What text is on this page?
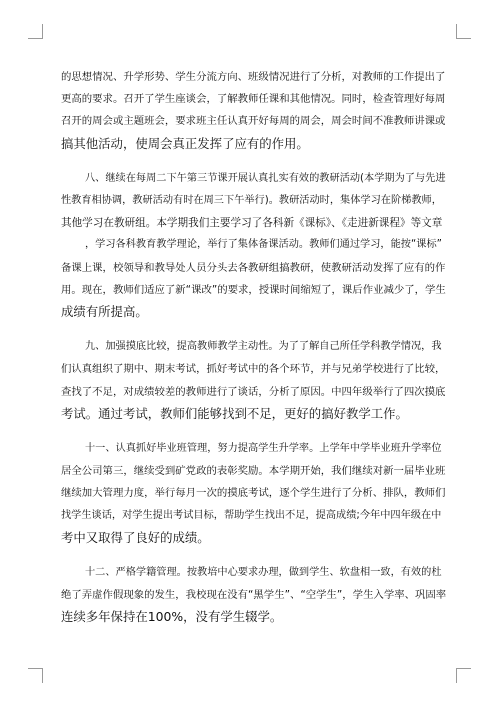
的思想情况、升学形势、学生分流方向、班级情况进行了分析，对教师的工作提出了
更高的要求。召开了学生座谈会，了解教师任课和其他情况。同时，检查管理好每周
召开的周会或主题班会，要求班主任认真开好每周的周会，周会时间不准教师讲课或
搞其他活动，使周会真正发挥了应有的作用。

八、继续在每周二下午第三节课开展认真扎实有效的教研活动(本学期为了与先进
性教育相协调，教研活动有时在周三下午举行)。教研活动时，集体学习在阶梯教师，
其他学习在教研组。本学期我们主要学习了各科新《课标》、《走进新课程》等文章
，学习各科教育教学理论，举行了集体备课活动。教师们通过学习，能按“课标”
备课上课，校领导和教导处人员分头去各教研组搞教研，使教研活动发挥了应有的作
用。现在，教师们适应了新“课改”的要求，授课时间缩短了，课后作业减少了，学生
成绩有所提高。

九、加强摸底比较，提高教师教学主动性。为了了解自己所任学科教学情况，我
们认真组织了期中、期末考试，抓好考试中的各个环节，并与兄弟学校进行了比较，
查找了不足，对成绩较差的教师进行了谈话，分析了原因。中四年级举行了四次摸底
考试。通过考试，教师们能够找到不足，更好的搞好教学工作。

十一、认真抓好毕业班管理，努力提高学生升学率。上学年中学毕业班升学率位
居全公司第三，继续受到矿党政的表彰奖励。本学期开始，我们继续对新一届毕业班
继续加大管理力度，举行每月一次的摸底考试，逐个学生进行了分析、排队，教师们
找学生谈话，对学生提出考试目标，帮助学生找出不足，提高成绩;今年中四年级在中
考中又取得了良好的成绩。

十二、严格学籍管理。按教培中心要求办理，做到学生、软盘相一致，有效的杜
绝了弄虚作假现象的发生，我校现在没有“黑学生”、“空学生”，学生入学率、巩固率
连续多年保持在100%，没有学生辍学。
